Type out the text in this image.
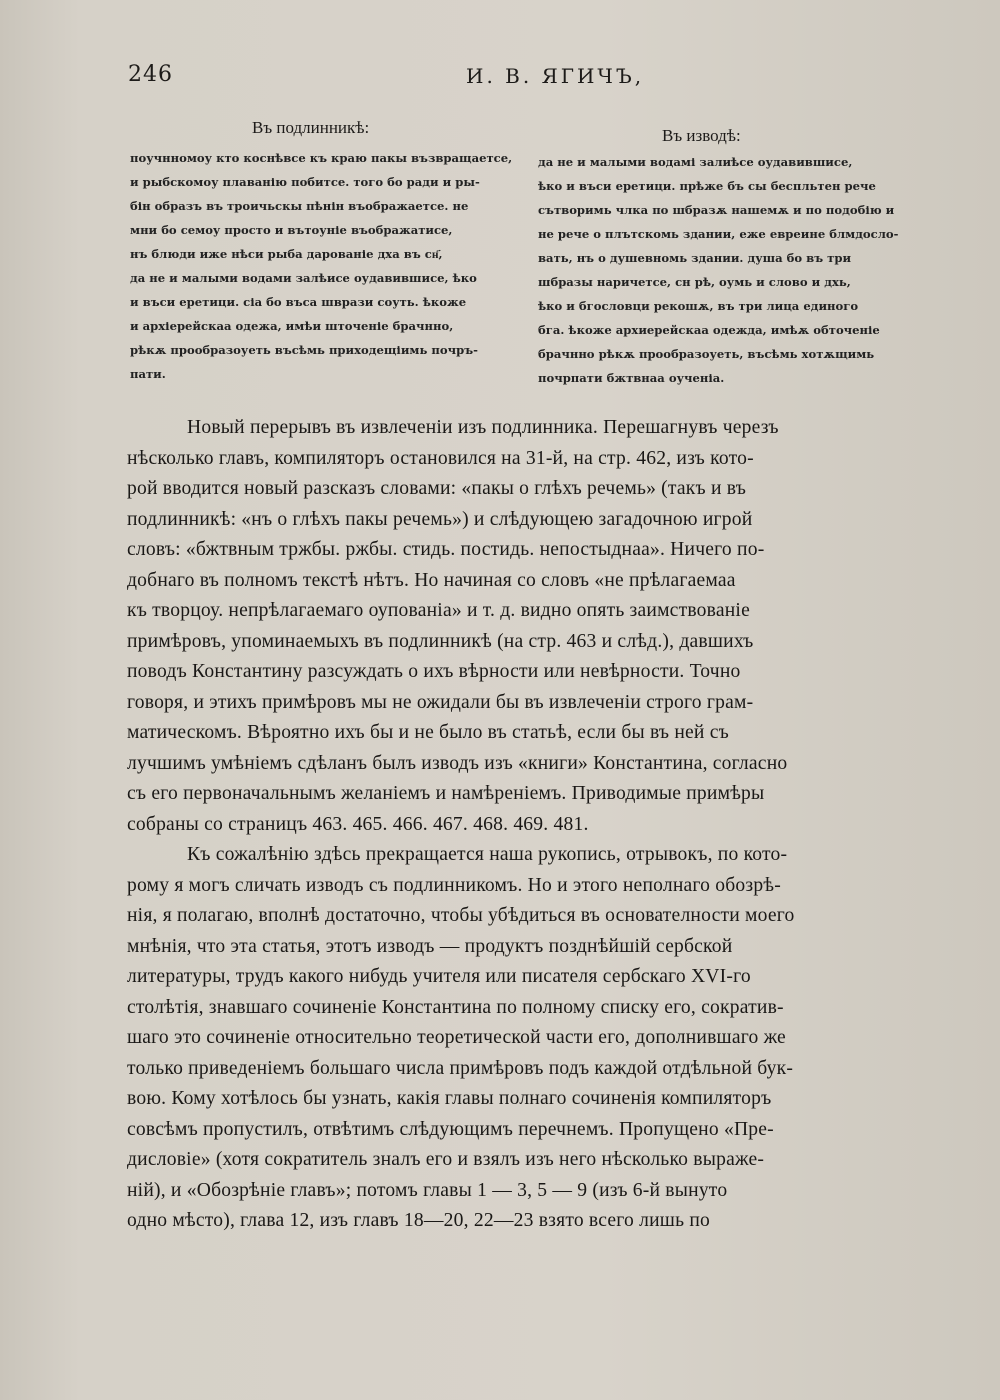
246	И. В. ЯГИЧЪ,
Въ подлинникѣ:	Въ изводѣ:
поучнномоу кто коснѣвсе къ краю пакы възвращаетсе,
и рыбскомоу плаванію побитсе. того бо ради и ры-
бін образъ въ троичьскы пѣнін въображаетсе. не
мни бо семоу просто и вътоуніе въображатисе,
нъ блюди иже нѣси рыба дарованіе дха въ сн҃,
да не и малыми водами залѣисе оудавившисе, ѣко
и въси еретици. сіа бо въса шврази соуть. ѣкоже
и архіерейскаа одежа, имѣи шточеніе брачнно,
рѣкѫ прообразоуеть въсѣмь приходещіимь почръ-
пати.
да не и малыми водамі залиѣсе оудавившисе,
ѣко и въси еретици. прѣже бъ сы беспльтен рече
сътворимь члка по шбразѫ нашемѫ и по подобію и
не рече о плътскомь здании, еже евреине блмдосло-
вать, нъ о душевномь здании. душа бо въ три
шбразы наричетсе, сн рѣ, оумь и слово и дхь,
ѣко и бгословци рекошѫ, въ три лица единого
бга. ѣкоже архиерейскаа одежда, имѣѫ обточеніе
брачнно рѣкѫ прообразоуеть, въсѣмь хотѫщимь
почрпати бжтвнаа оученіа.
Новый перерывъ въ извлеченіи изъ подлинника. Перешагнувъ черезъ
нѣсколько главъ, компиляторъ остановился на 31-й, на стр. 462, изъ кото-
рой вводится новый разсказъ словами: «пакы о глѣхъ речемь» (такъ и въ
подлинникѣ: «нъ о глѣхъ пакы речемь») и слѣдующею загадочною игрой
словъ: «бжтвным тржбы. ржбы. стидь. постидь. непостыднаа». Ничего по-
добнаго въ полномъ текстѣ нѣтъ. Но начиная со словъ «не прѣлагаемаа
къ творцоу. непрѣлагаемаго оупованіа» и т. д. видно опять заимствованіе
примѣровъ, упоминаемыхъ въ подлинникѣ (на стр. 463 и слѣд.), давшихъ
поводъ Константину разсуждать о ихъ вѣрности или невѣрности. Точно
говоря, и этихъ примѣровъ мы не ожидали бы въ извлеченіи строго грам-
матическомъ. Вѣроятно ихъ бы и не было въ статьѣ, если бы въ ней съ
лучшимъ умѣніемъ сдѣланъ былъ изводъ изъ «книги» Константина, согласно
съ его первоначальнымъ желаніемъ и намѣреніемъ. Приводимые примѣры
собраны со страницъ 463. 465. 466. 467. 468. 469. 481.
Къ сожалѣнію здѣсь прекращается наша рукопись, отрывокъ, по кото-
рому я могъ сличать изводъ съ подлинникомъ. Но и этого неполнаго обозрѣ-
нія, я полагаю, вполнѣ достаточно, чтобы убѣдиться въ основателности моего
мнѣнія, что эта статья, этотъ изводъ — продуктъ позднѣйшій сербской
литературы, трудъ какого нибудь учителя или писателя сербскаго XVI-го
столѣтія, знавшаго сочиненіе Константина по полному списку его, сократив-
шаго это сочиненіе относительно теоретической части его, дополнившаго же
только приведеніемъ большаго числа примѣровъ подъ каждой отдѣльной бук-
вою. Кому хотѣлось бы узнать, какія главы полнаго сочиненія компиляторъ
совсѣмъ пропустилъ, отвѣтимъ слѣдующимъ перечнемъ. Пропущено «Пре-
дисловіе» (хотя сократитель зналъ его и взялъ изъ него нѣсколько выраже-
ній), и «Обозрѣніе главъ»; потомъ главы 1 — 3, 5 — 9 (изъ 6-й вынуто
одно мѣсто), глава 12, изъ главъ 18—20, 22—23 взято всего лишь по
